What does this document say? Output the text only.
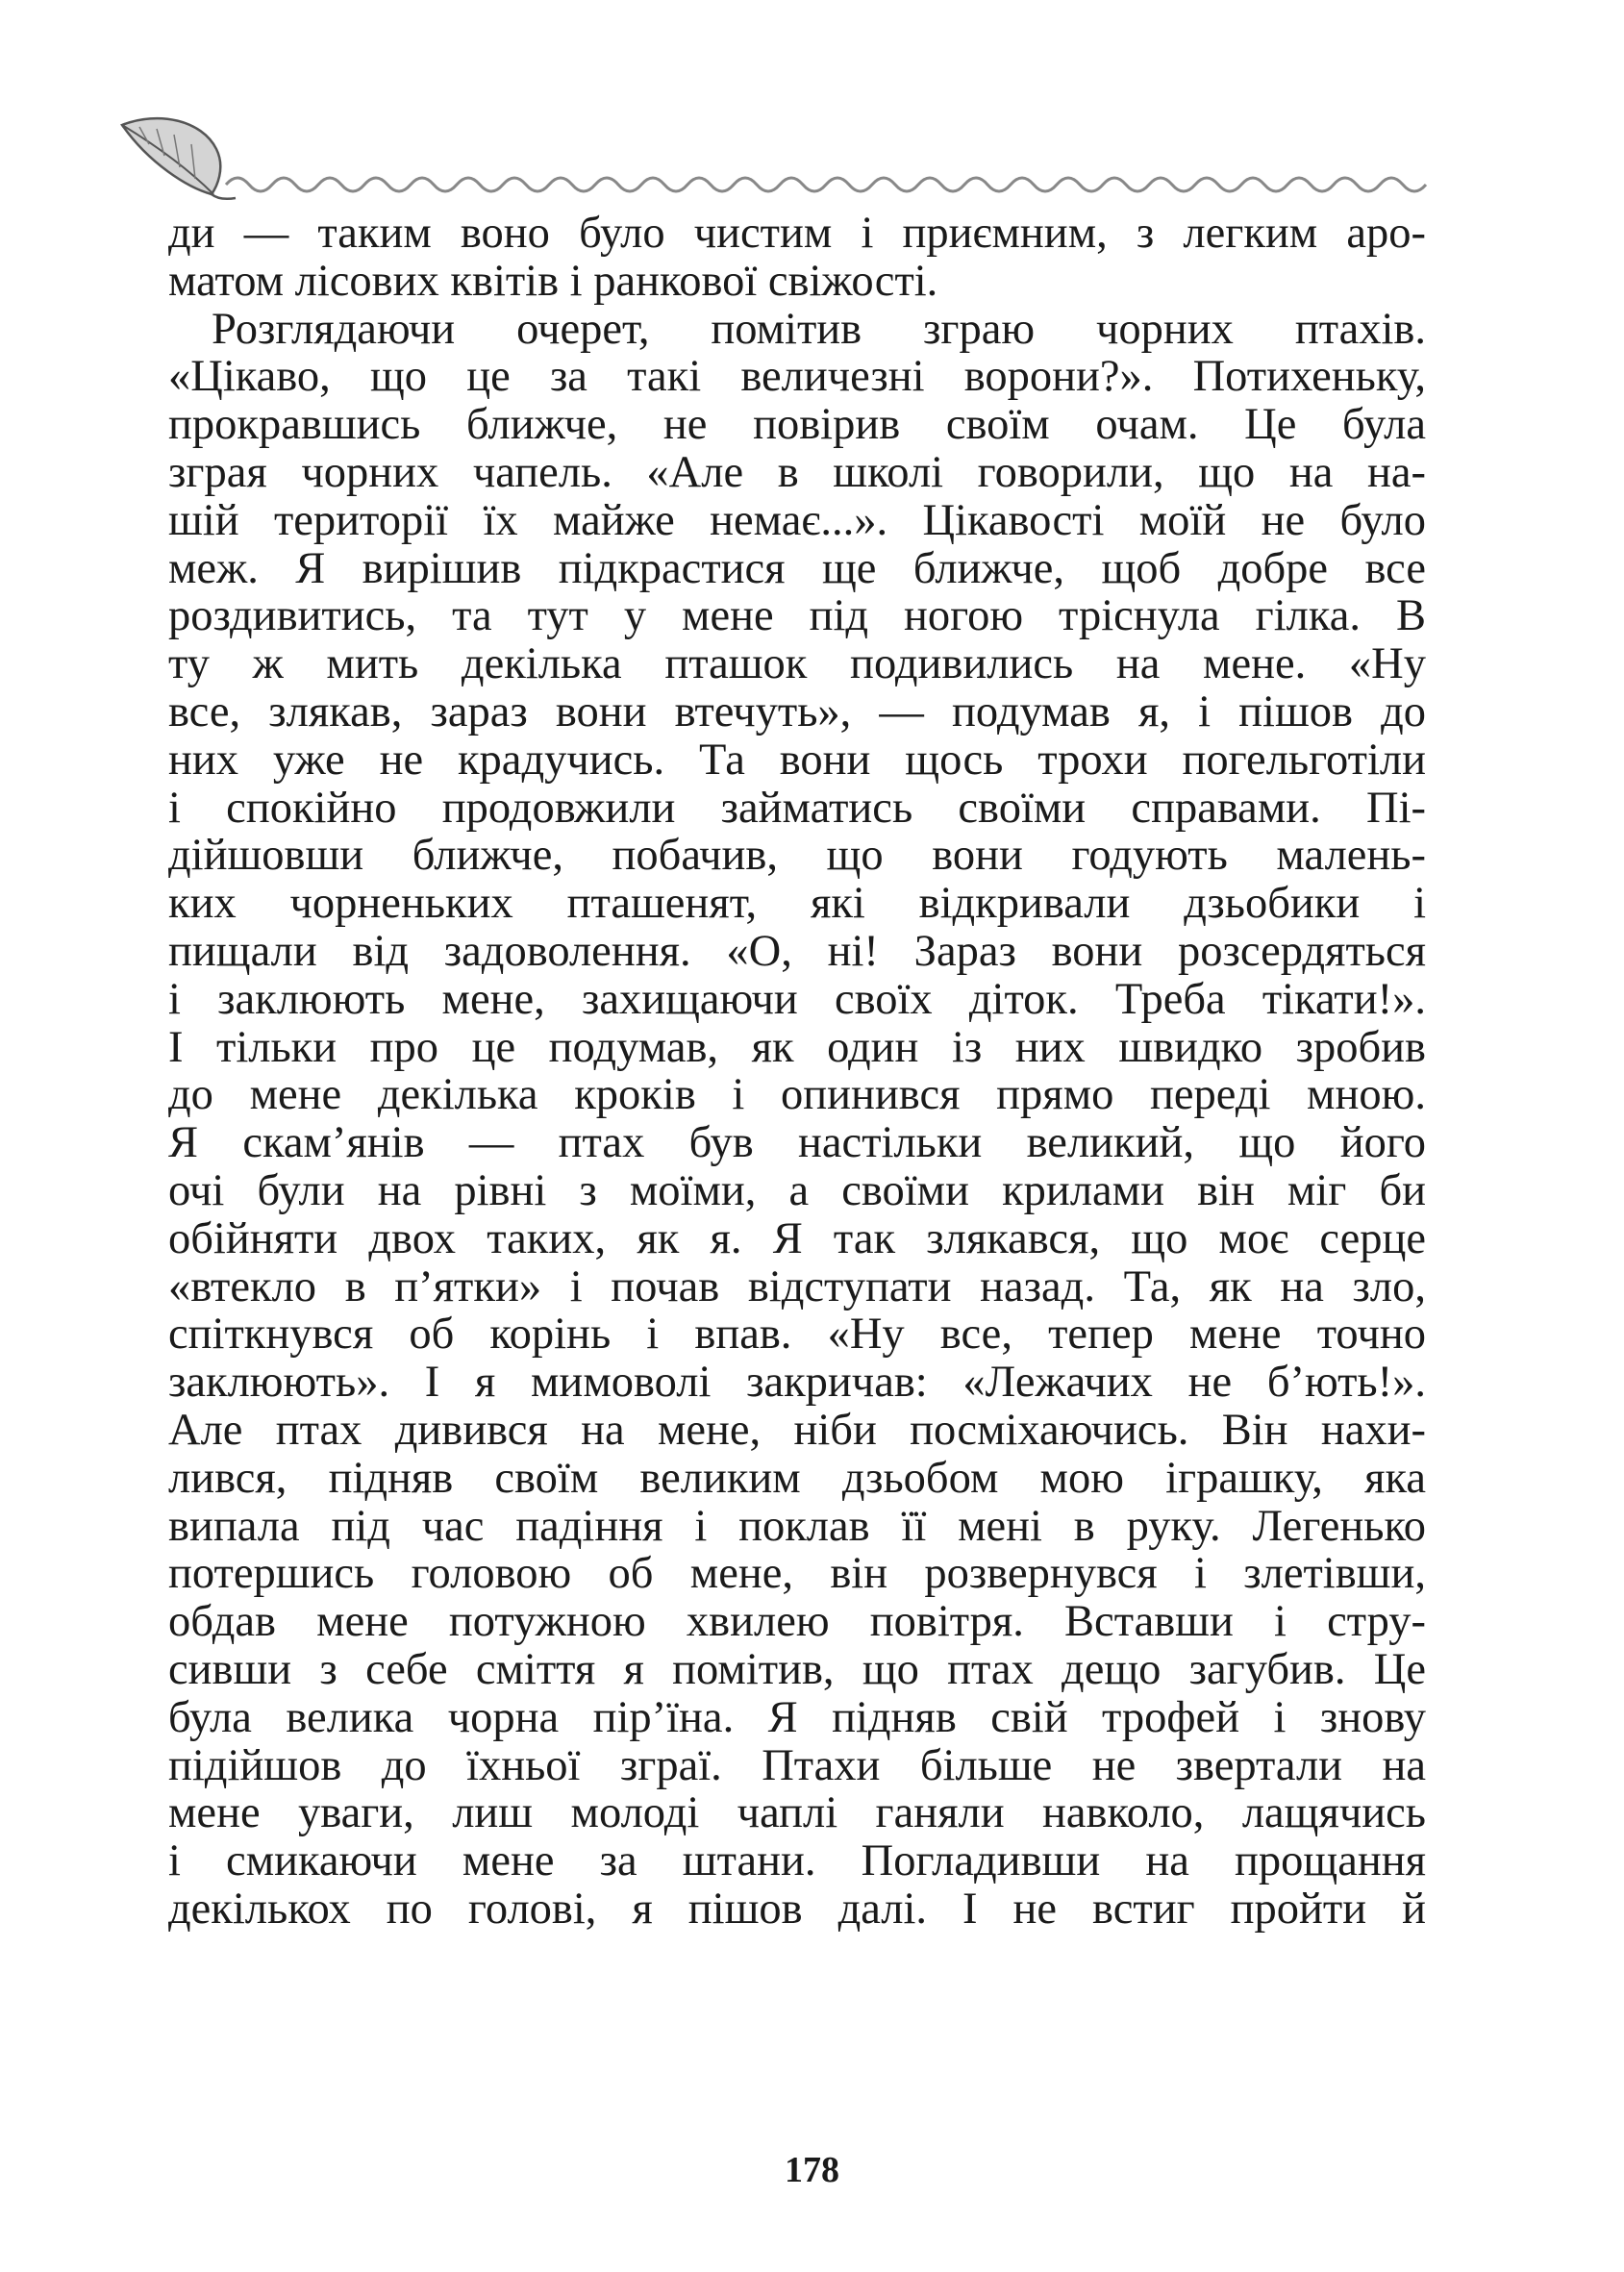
ди — таким воно було чистим і приємним, з легким аро-
матом лісових квітів і ранкової свіжості.
Розглядаючи очерет, помітив зграю чорних птахів.
«Цікаво, що це за такі величезні ворони?». Потихеньку,
прокравшись ближче, не повірив своїм очам. Це була
зграя чорних чапель. «Але в школі говорили, що на на-
шій території їх майже немає...». Цікавості моїй не було
меж. Я вирішив підкрастися ще ближче, щоб добре все
роздивитись, та тут у мене під ногою тріснула гілка. В
ту ж мить декілька пташок подивились на мене. «Ну
все, злякав, зараз вони втечуть», — подумав я, і пішов до
них уже не крадучись. Та вони щось трохи погельготіли
і спокійно продовжили займатись своїми справами. Пі-
дійшовши ближче, побачив, що вони годують малень-
ких чорненьких пташенят, які відкривали дзьобики і
пищали від задоволення. «О, ні! Зараз вони розсердяться
і заклюють мене, захищаючи своїх діток. Треба тікати!».
І тільки про це подумав, як один із них швидко зробив
до мене декілька кроків і опинився прямо переді мною.
Я скам’янів — птах був настільки великий, що його
очі були на рівні з моїми, а своїми крилами він міг би
обійняти двох таких, як я. Я так злякався, що моє серце
«втекло в п’ятки» і почав відступати назад. Та, як на зло,
спіткнувся об корінь і впав. «Ну все, тепер мене точно
заклюють». І я мимоволі закричав: «Лежачих не б’ють!».
Але птах дивився на мене, ніби посміхаючись. Він нахи-
лився, підняв своїм великим дзьобом мою іграшку, яка
випала під час падіння і поклав її мені в руку. Легенько
потершись головою об мене, він розвернувся і злетівши,
обдав мене потужною хвилею повітря. Вставши і стру-
сивши з себе сміття я помітив, що птах дещо загубив. Це
була велика чорна пір’їна. Я підняв свій трофей і знову
підійшов до їхньої зграї. Птахи більше не звертали на
мене уваги, лиш молоді чаплі ганяли навколо, лащячись
і смикаючи мене за штани. Погладивши на прощання
декількох по голові, я пішов далі. І не встиг пройти й
178
